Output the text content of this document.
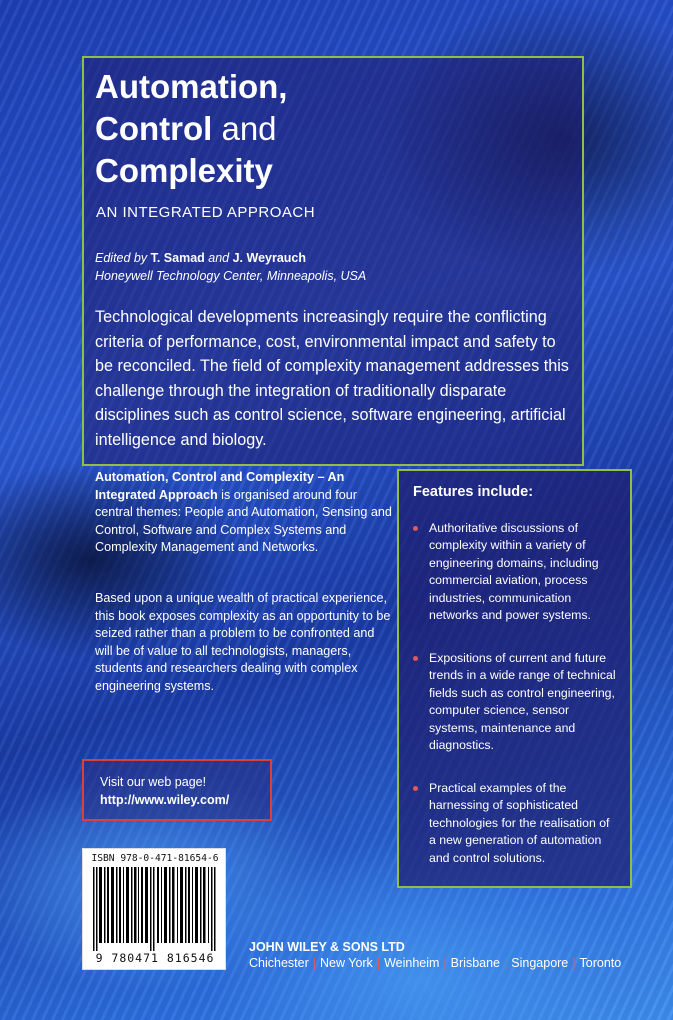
Automation,
Control and
Complexity
AN INTEGRATED APPROACH
Edited by T. Samad and J. Weyrauch
Honeywell Technology Center, Minneapolis, USA
Technological developments increasingly require the conflicting criteria of performance, cost, environmental impact and safety to be reconciled. The field of complexity management addresses this challenge through the integration of traditionally disparate disciplines such as control science, software engineering, artificial intelligence and biology.
Automation, Control and Complexity – An Integrated Approach is organised around four central themes: People and Automation, Sensing and Control, Software and Complex Systems and Complexity Management and Networks.
Based upon a unique wealth of practical experience, this book exposes complexity as an opportunity to be seized rather than a problem to be confronted and will be of value to all technologists, managers, students and researchers dealing with complex engineering systems.
Features include:
Authoritative discussions of complexity within a variety of engineering domains, including commercial aviation, process industries, communication networks and power systems.
Expositions of current and future trends in a wide range of technical fields such as control engineering, computer science, sensor systems, maintenance and diagnostics.
Practical examples of the harnessing of sophisticated technologies for the realisation of a new generation of automation and control solutions.
Visit our web page!
http://www.wiley.com/
ISBN 978-0-471-81654-6
9 780471 816546
JOHN WILEY & SONS LTD
Chichester | New York | Weinheim | Brisbane | Singapore | Toronto
